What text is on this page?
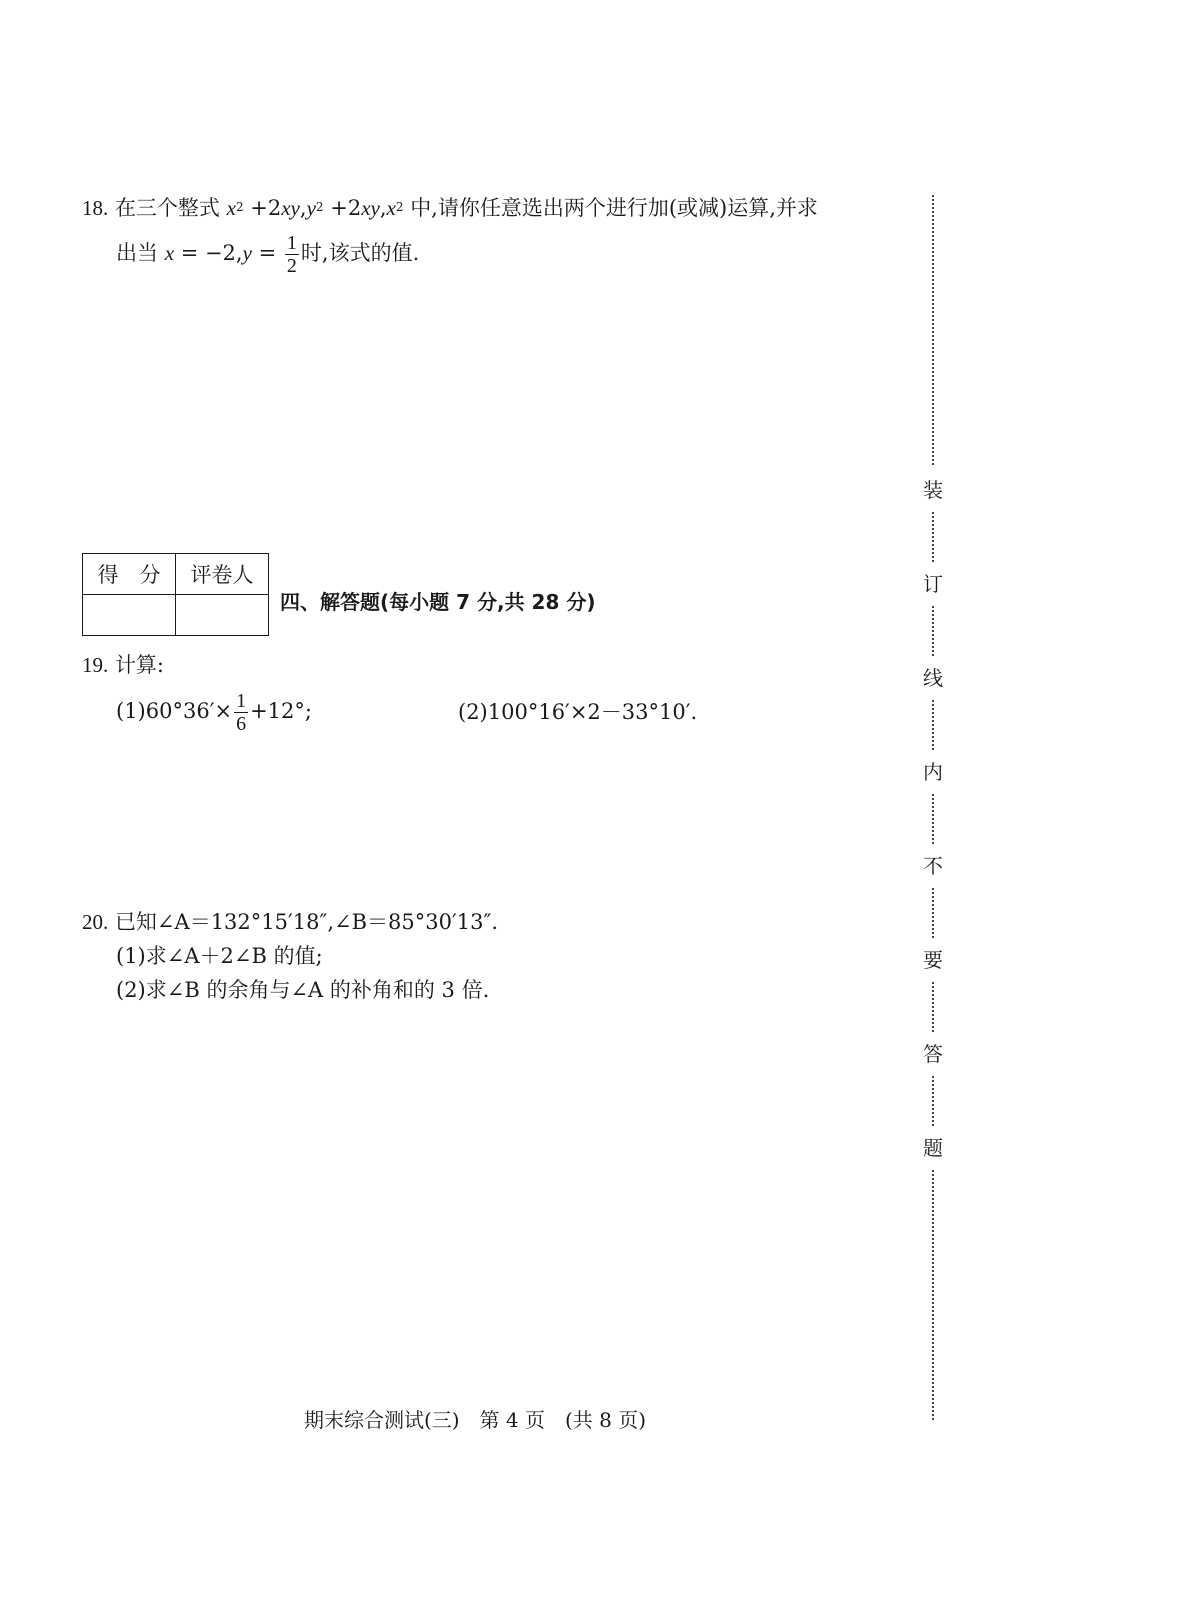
18. 在三个整式 $x^2 +2xy,y^2 +2xy,x^2$ 中,请你任意选出两个进行加(或减)运算,并求
出当 $x = -2,y = \frac{1}{2}$ 时,该式的值.
得　分	评卷人

四、解答题(每小题 7 分,共 28 分)
19. 计算:
$(1)60^\circ 36'\times \frac{1}{6} +12^\circ$;	(2)100°16′×2－33°10′.
20. 已知∠A＝132°15′18″,∠B＝85°30′13″.
(1)求∠A＋2∠B 的值;
(2)求∠B 的余角与∠A 的补角和的 3 倍.
装
订
线
内
不
要
答
题
期末综合测试(三)　第 4 页　(共 8 页)
